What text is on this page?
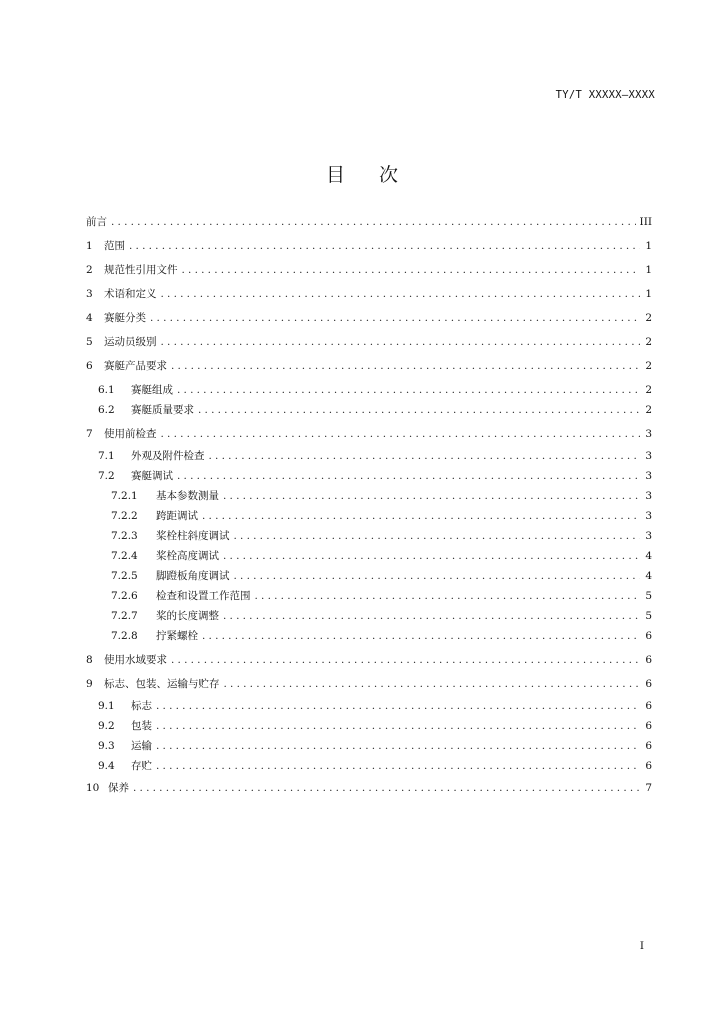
TY/T XXXXX—XXXX
目次
前言 .....	III
1 范围 .....	1
2 规范性引用文件 .....	1
3 术语和定义 .....	1
4 赛艇分类 .....	2
5 运动员级别 .....	2
6 赛艇产品要求 .....	2
6.1 赛艇组成 .....	2
6.2 赛艇质量要求 .....	2
7 使用前检查 .....	3
7.1 外观及附件检查 .....	3
7.2 赛艇调试 .....	3
7.2.1 基本参数测量 .....	3
7.2.2 跨距调试 .....	3
7.2.3 桨栓柱斜度调试 .....	3
7.2.4 桨栓高度调试 .....	4
7.2.5 脚蹬板角度调试 .....	4
7.2.6 检查和设置工作范围 .....	5
7.2.7 桨的长度调整 .....	5
7.2.8 拧紧螺栓 .....	6
8 使用水域要求 .....	6
9 标志、包装、运输与贮存 .....	6
9.1 标志 .....	6
9.2 包装 .....	6
9.3 运输 .....	6
9.4 存贮 .....	6
10 保养 .....	7
I
